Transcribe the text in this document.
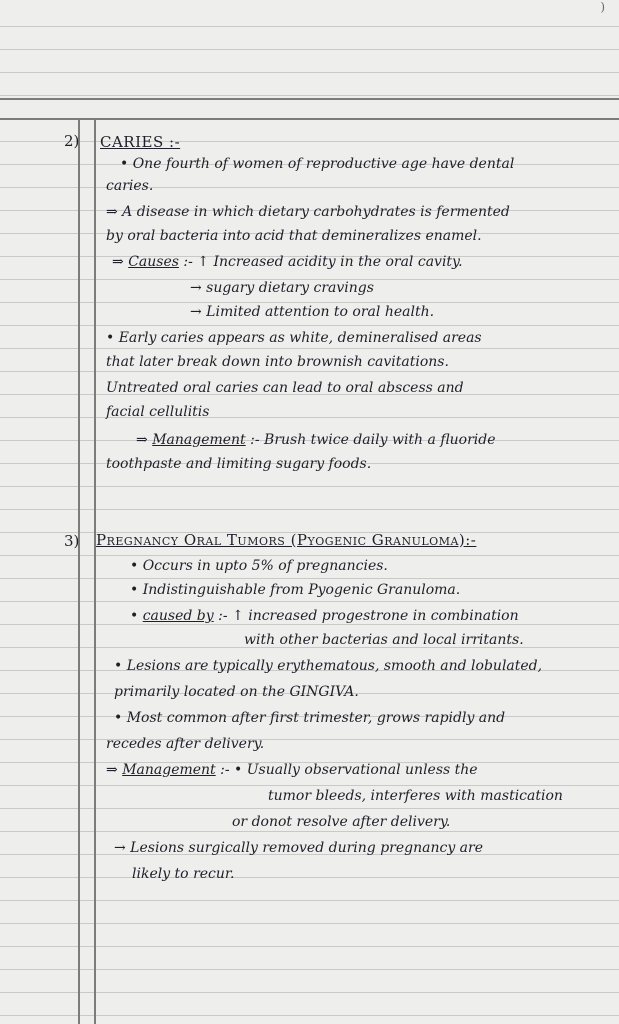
)
2) CARIES :-
• One fourth of women of reproductive age have dental
caries.
⇒ A disease in which dietary carbohydrates is fermented
by oral bacteria into acid that demineralizes enamel.
⇒ Causes :- ↑ Increased acidity in the oral cavity.
→ sugary dietary cravings
→ Limited attention to oral health.
• Early caries appears as white, demineralised areas
that later break down into brownish cavitations.
Untreated oral caries can lead to oral abscess and
facial cellulitis
⇒ Management :- Brush twice daily with a fluoride
toothpaste and limiting sugary foods.
3) Pregnancy Oral Tumors (Pyogenic Granuloma):-
• Occurs in upto 5% of pregnancies.
• Indistinguishable from Pyogenic Granuloma.
• caused by :- ↑ increased progestrone in combination
with other bacterias and local irritants.
• Lesions are typically erythematous, smooth and lobulated,
primarily located on the GINGIVA.
• Most common after first trimester, grows rapidly and
recedes after delivery.
⇒ Management :- • Usually observational unless the
tumor bleeds, interferes with mastication
or donot resolve after delivery.
→ Lesions surgically removed during pregnancy are
likely to recur.
